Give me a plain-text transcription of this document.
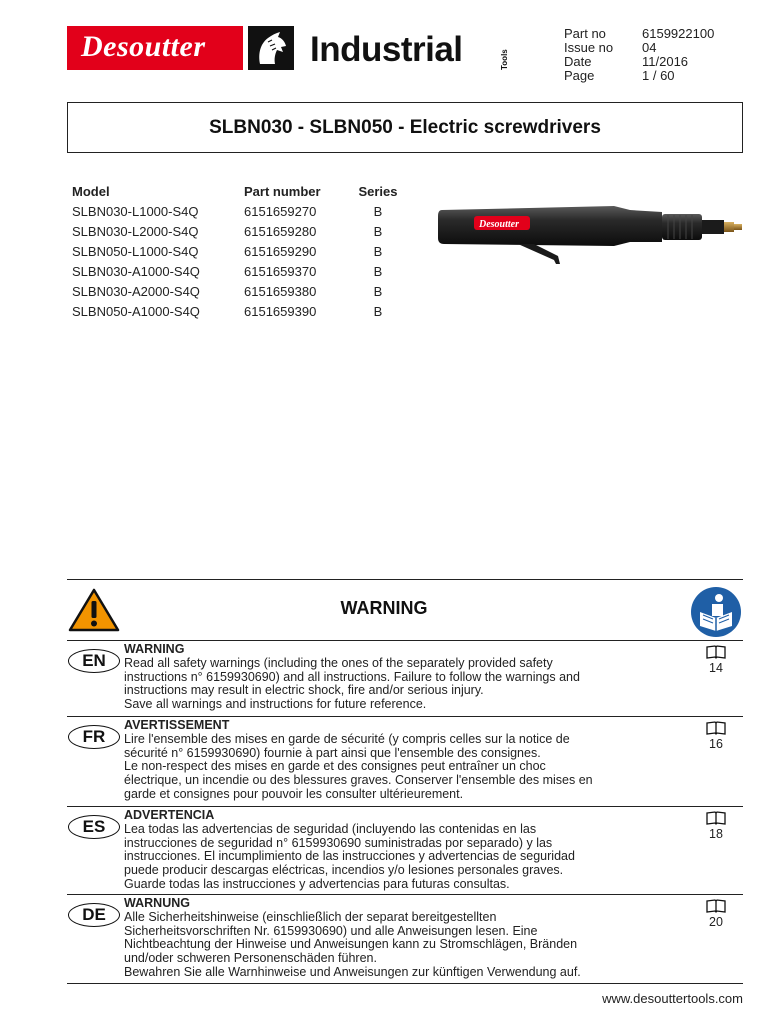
Desoutter	Industrial	Tools
Part no	6159922100
Issue no	04
Date	11/2016
Page	1 / 60
SLBN030 - SLBN050 - Electric screwdrivers
Model	Part number	Series
SLBN030-L1000-S4Q	6151659270	B
SLBN030-L2000-S4Q	6151659280	B
SLBN050-L1000-S4Q	6151659290	B
SLBN030-A1000-S4Q	6151659370	B
SLBN030-A2000-S4Q	6151659380	B
SLBN050-A1000-S4Q	6151659390	B
Desoutter
WARNING
EN
WARNING
Read all safety warnings (including the ones of the separately provided safety
instructions n° 6159930690) and all instructions. Failure to follow the warnings and
instructions may result in electric shock, fire and/or serious injury.
Save all warnings and instructions for future reference.
14
FR
AVERTISSEMENT
Lire l'ensemble des mises en garde de sécurité (y compris celles sur la notice de
sécurité n° 6159930690) fournie à part ainsi que l'ensemble des consignes.
Le non-respect des mises en garde et des consignes peut entraîner un choc
électrique, un incendie ou des blessures graves. Conserver l'ensemble des mises en
garde et consignes pour pouvoir les consulter ultérieurement.
16
ES
ADVERTENCIA
Lea todas las advertencias de seguridad (incluyendo las contenidas en las
instrucciones de seguridad n° 6159930690 suministradas por separado) y las
instrucciones. El incumplimiento de las instrucciones y advertencias de seguridad
puede producir descargas eléctricas, incendios y/o lesiones personales graves.
Guarde todas las instrucciones y advertencias para futuras consultas.
18
DE
WARNUNG
Alle Sicherheitshinweise (einschließlich der separat bereitgestellten
Sicherheitsvorschriften Nr. 6159930690) und alle Anweisungen lesen. Eine
Nichtbeachtung der Hinweise und Anweisungen kann zu Stromschlägen, Bränden
und/oder schweren Personenschäden führen.
Bewahren Sie alle Warnhinweise und Anweisungen zur künftigen Verwendung auf.
20
www.desouttertools.com
